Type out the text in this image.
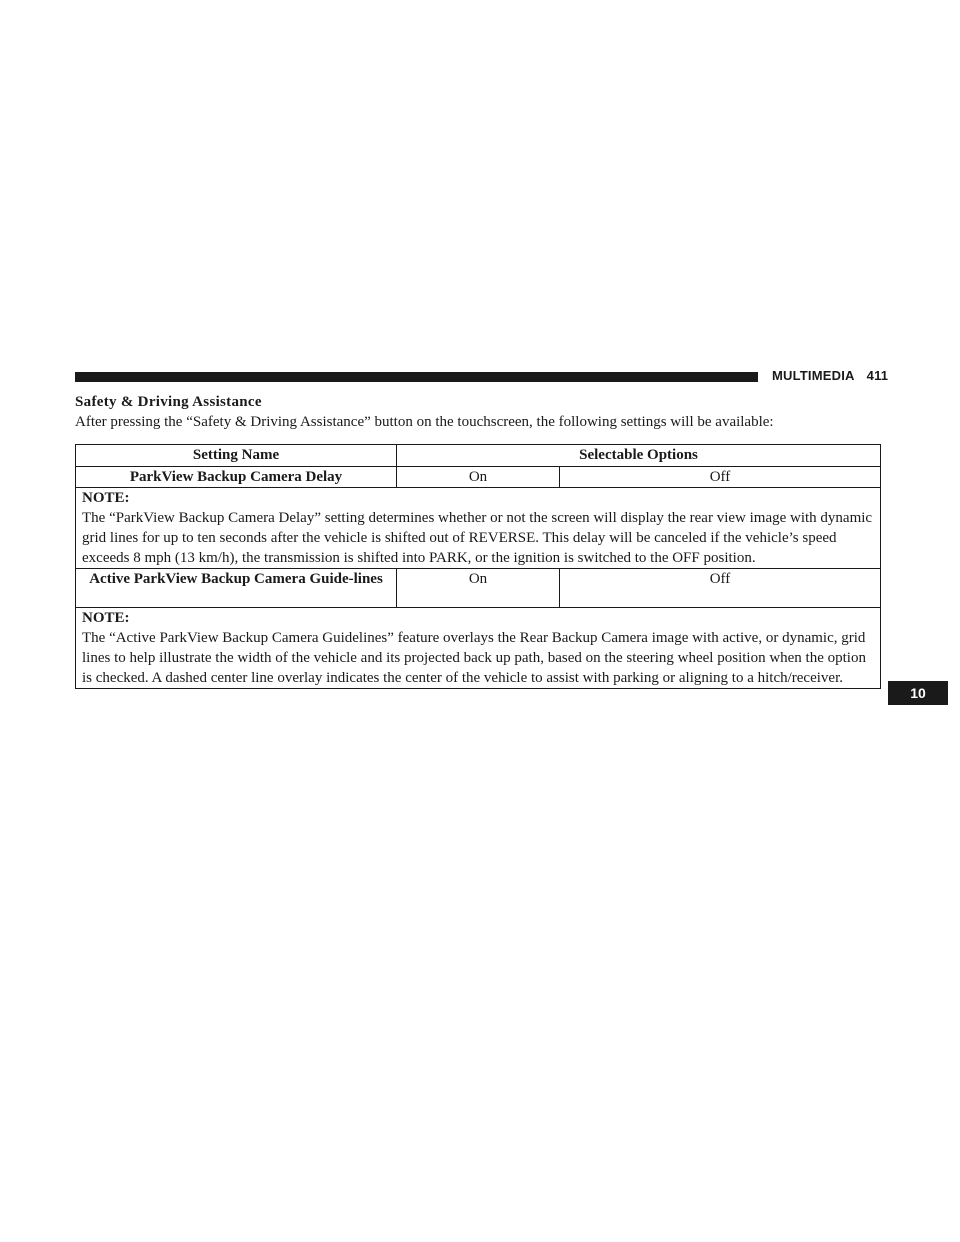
MULTIMEDIA 411
Safety & Driving Assistance
After pressing the “Safety & Driving Assistance” button on the touchscreen, the following settings will be available:
Setting Name	Selectable Options	
ParkView Backup Camera Delay	On	Off

NOTE:
The “ParkView Backup Camera Delay” setting determines whether or not the screen will display the rear view image with dynamic grid lines for up to ten seconds after the vehicle is shifted out of REVERSE. This delay will be canceled if the vehicle’s speed exceeds 8 mph (13 km/h), the transmission is shifted into PARK, or the ignition is switched to the OFF position.		
Active ParkView Backup Camera Guide-lines	On	Off

NOTE:
The “Active ParkView Backup Camera Guidelines” feature overlays the Rear Backup Camera image with active, or dynamic, grid lines to help illustrate the width of the vehicle and its projected back up path, based on the steering wheel position when the option is checked. A dashed center line overlay indicates the center of the vehicle to assist with parking or aligning to a hitch/receiver.		
10
